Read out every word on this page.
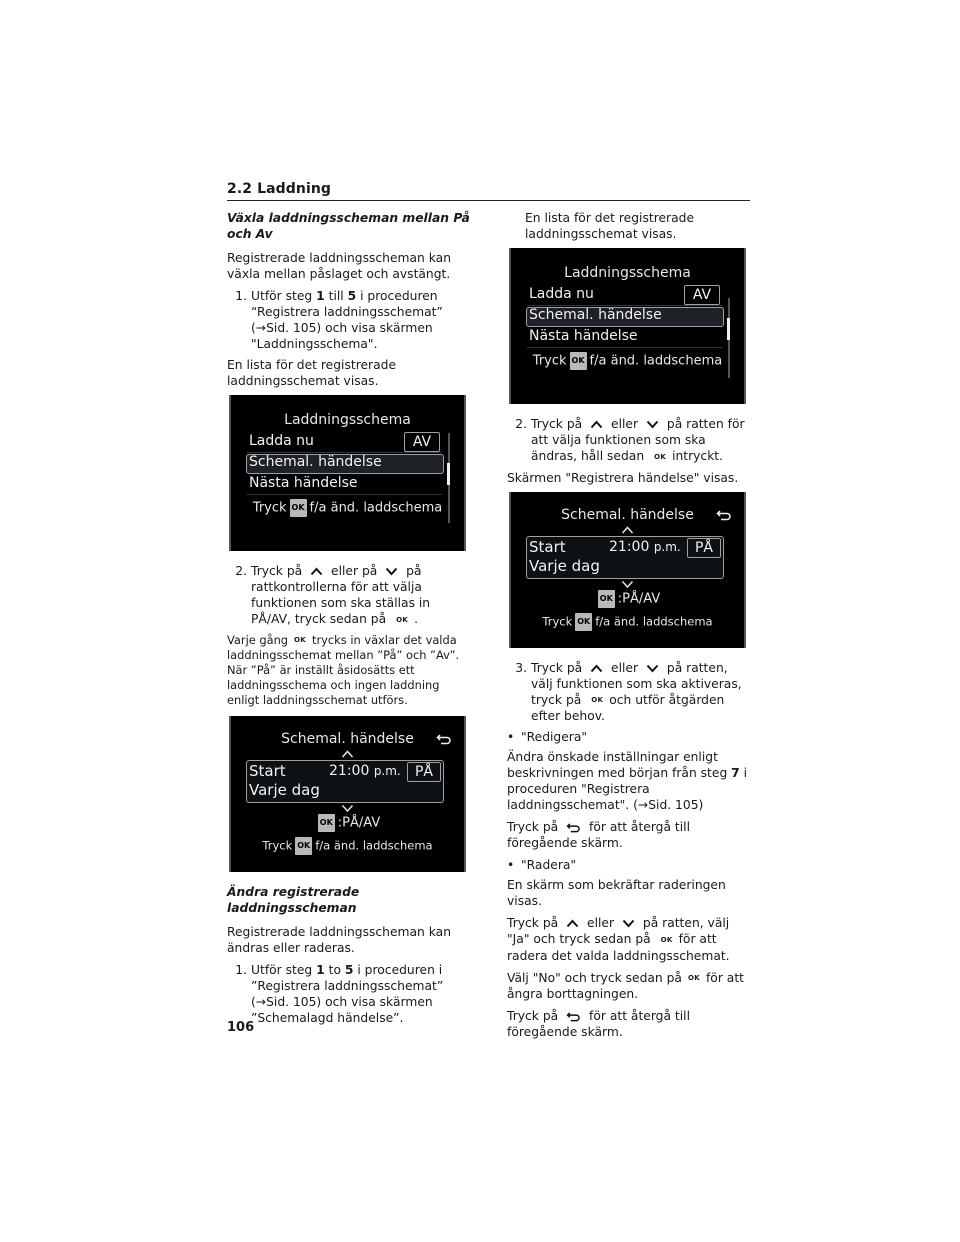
2.2 Laddning

Växla laddningsscheman mellan På och Av

Registrerade laddningsscheman kan växla mellan påslaget och avstängt.

1. Utför steg 1 till 5 i proceduren “Registrera laddningsschemat” (→Sid. 105) och visa skärmen "Laddningsschema".

En lista för det registrerade laddningsschemat visas.

Laddningsschema
Ladda nu	AV
Schemal. händelse
Nästa händelse
Tryck OK f/a änd. laddschema
2. Tryck på eller på på rattkontrollerna för att välja funktionen som ska ställas in PÅ/AV, tryck sedan på OK .

Varje gång OK trycks in växlar det valda laddningsschemat mellan ”På” och ”Av”. När ”På” är inställt åsidosätts ett laddningsschema och ingen laddning enligt laddningsschemat utförs.

Schemal. händelse
Start	21:00 p.m.	PÅ
Varje dag
OK :PÅ/AV
Tryck OK f/a änd. laddschema

Ändra registrerade laddningsscheman

Registrerade laddningsscheman kan ändras eller raderas.

1. Utför steg 1 to 5 i proceduren i ”Registrera laddningsschemat” (→Sid. 105) och visa skärmen ”Schemalagd händelse”.

En lista för det registrerade laddningsschemat visas.

Laddningsschema
Ladda nu	AV
Schemal. händelse
Nästa händelse
Tryck OK f/a änd. laddschema
2. Tryck på eller på ratten för att välja funktionen som ska ändras, håll sedan OK intryckt.

Skärmen "Registrera händelse" visas.

Schemal. händelse
Start	21:00 p.m.	PÅ
Varje dag
OK :PÅ/AV
Tryck OK f/a änd. laddschema
3. Tryck på eller på ratten, välj funktionen som ska aktiveras, tryck på OK och utför åtgärden efter behov.
• "Redigera"

Ändra önskade inställningar enligt beskrivningen med början från steg 7 i proceduren "Registrera laddningsschemat". (→Sid. 105)

Tryck på	för att återgå till föregående skärm.

• "Radera"

En skärm som bekräftar raderingen visas.

Tryck på eller på ratten, välj "Ja" och tryck sedan på OK för att radera det valda laddningsschemat.

Välj "No" och tryck sedan på OK för att ångra borttagningen.

Tryck på	för att återgå till föregående skärm.

106
